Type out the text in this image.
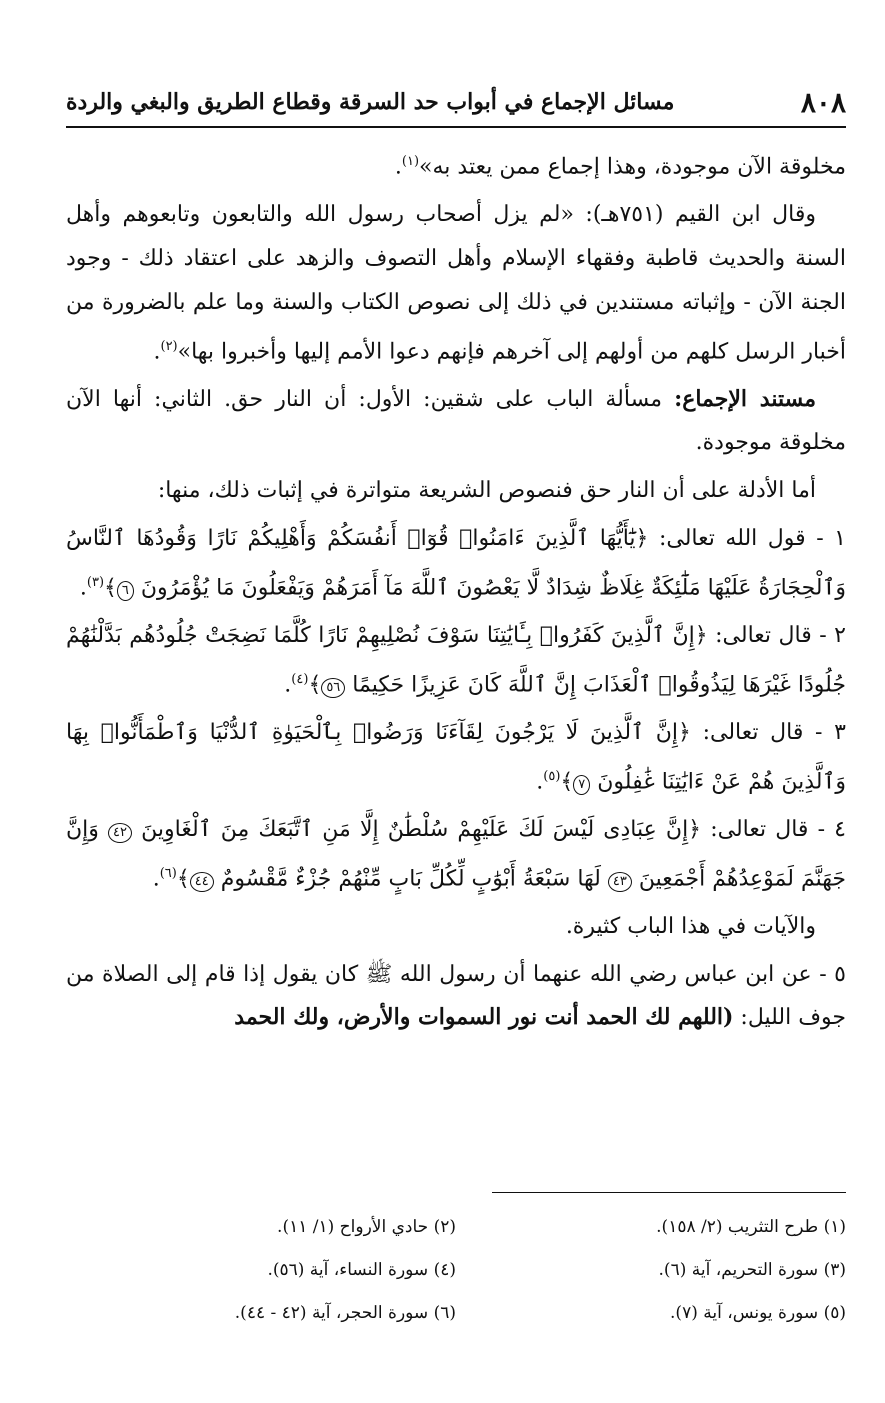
٨٠٨
مسائل الإجماع في أبواب حد السرقة وقطاع الطريق والبغي والردة

مخلوقة الآن موجودة، وهذا إجماع ممن يعتد به»$^{(١)}$.

وقال ابن القيم (٧٥١هـ): «لم يزل أصحاب رسول الله والتابعون وتابعوهم وأهل السنة والحديث قاطبة وفقهاء الإسلام وأهل التصوف والزهد على اعتقاد ذلك - وجود الجنة الآن - وإثباته مستندين في ذلك إلى نصوص الكتاب والسنة وما علم بالضرورة من أخبار الرسل كلهم من أولهم إلى آخرهم فإنهم دعوا الأمم إليها وأخبروا بها»$^{(٢)}$.

مستند الإجماع: مسألة الباب على شقين: الأول: أن النار حق. الثاني: أنها الآن مخلوقة موجودة.

أما الأدلة على أن النار حق فنصوص الشريعة متواترة في إثبات ذلك، منها:

١ - قول الله تعالى: ﴿يَٰٓأَيُّهَا ٱلَّذِينَ ءَامَنُوا۟ قُوٓا۟ أَنفُسَكُمْ وَأَهْلِيكُمْ نَارًا وَقُودُهَا ٱلنَّاسُ وَٱلْحِجَارَةُ عَلَيْهَا مَلَٰٓئِكَةٌ غِلَاظٌ شِدَادٌ لَّا يَعْصُونَ ٱللَّهَ مَآ أَمَرَهُمْ وَيَفْعَلُونَ مَا يُؤْمَرُونَ ٦﴾$^{(٣)}$.

٢ - قال تعالى: ﴿إِنَّ ٱلَّذِينَ كَفَرُوا۟ بِـَٔايَٰتِنَا سَوْفَ نُصْلِيهِمْ نَارًا كُلَّمَا نَضِجَتْ جُلُودُهُم بَدَّلْنَٰهُمْ جُلُودًا غَيْرَهَا لِيَذُوقُوا۟ ٱلْعَذَابَ إِنَّ ٱللَّهَ كَانَ عَزِيزًا حَكِيمًا ٥٦﴾$^{(٤)}$.

٣ - قال تعالى: ﴿إِنَّ ٱلَّذِينَ لَا يَرْجُونَ لِقَآءَنَا وَرَضُوا۟ بِٱلْحَيَوٰةِ ٱلدُّنْيَا وَٱطْمَأَنُّوا۟ بِهَا وَٱلَّذِينَ هُمْ عَنْ ءَايَٰتِنَا غَٰفِلُونَ ٧﴾$^{(٥)}$.

٤ - قال تعالى: ﴿إِنَّ عِبَادِى لَيْسَ لَكَ عَلَيْهِمْ سُلْطَٰنٌ إِلَّا مَنِ ٱتَّبَعَكَ مِنَ ٱلْغَاوِينَ ٤٢ وَإِنَّ جَهَنَّمَ لَمَوْعِدُهُمْ أَجْمَعِينَ ٤٣ لَهَا سَبْعَةُ أَبْوَٰبٍ لِّكُلِّ بَابٍ مِّنْهُمْ جُزْءٌ مَّقْسُومٌ ٤٤﴾$^{(٦)}$.

والآيات في هذا الباب كثيرة.

٥ - عن ابن عباس رضي الله عنهما أن رسول الله ﷺ كان يقول إذا قام إلى الصلاة من جوف الليل: (اللهم لك الحمد أنت نور السموات والأرض، ولك الحمد

(١) طرح التثريب (٢/ ١٥٨).
(٢) حادي الأرواح (١/ ١١).
(٣) سورة التحريم، آية (٦).
(٤) سورة النساء، آية (٥٦).
(٥) سورة يونس، آية (٧).
(٦) سورة الحجر، آية (٤٢ - ٤٤).
